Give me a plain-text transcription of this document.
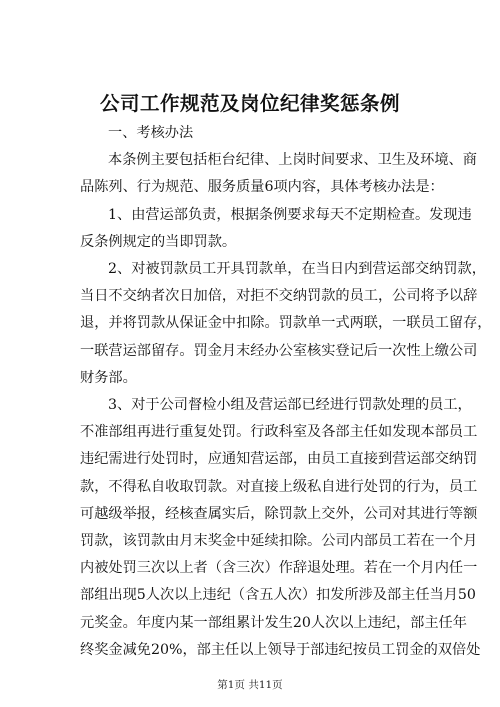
公司工作规范及岗位纪律奖惩条例

一、考核办法

本条例主要包括柜台纪律、上岗时间要求、卫生及环境、商

品陈列、行为规范、服务质量6项内容，具体考核办法是：

1、由营运部负责，根据条例要求每天不定期检查。发现违

反条例规定的当即罚款。

2、对被罚款员工开具罚款单，在当日内到营运部交纳罚款，

当日不交纳者次日加倍，对拒不交纳罚款的员工，公司将予以辞

退，并将罚款从保证金中扣除。罚款单一式两联，一联员工留存，

一联营运部留存。罚金月末经办公室核实登记后一次性上缴公司

财务部。

3、对于公司督检小组及营运部已经进行罚款处理的员工，

不准部组再进行重复处罚。行政科室及各部主任如发现本部员工

违纪需进行处罚时，应通知营运部，由员工直接到营运部交纳罚

款，不得私自收取罚款。对直接上级私自进行处罚的行为，员工

可越级举报，经核查属实后，除罚款上交外，公司对其进行等额

罚款，该罚款由月末奖金中延续扣除。公司内部员工若在一个月

内被处罚三次以上者（含三次）作辞退处理。若在一个月内任一

部组出现5人次以上违纪（含五人次）扣发所涉及部主任当月50

元奖金。年度内某一部组累计发生20人次以上违纪，部主任年

终奖金减免20%，部主任以上领导于部违纪按员工罚金的双倍处

第1页 共11页
